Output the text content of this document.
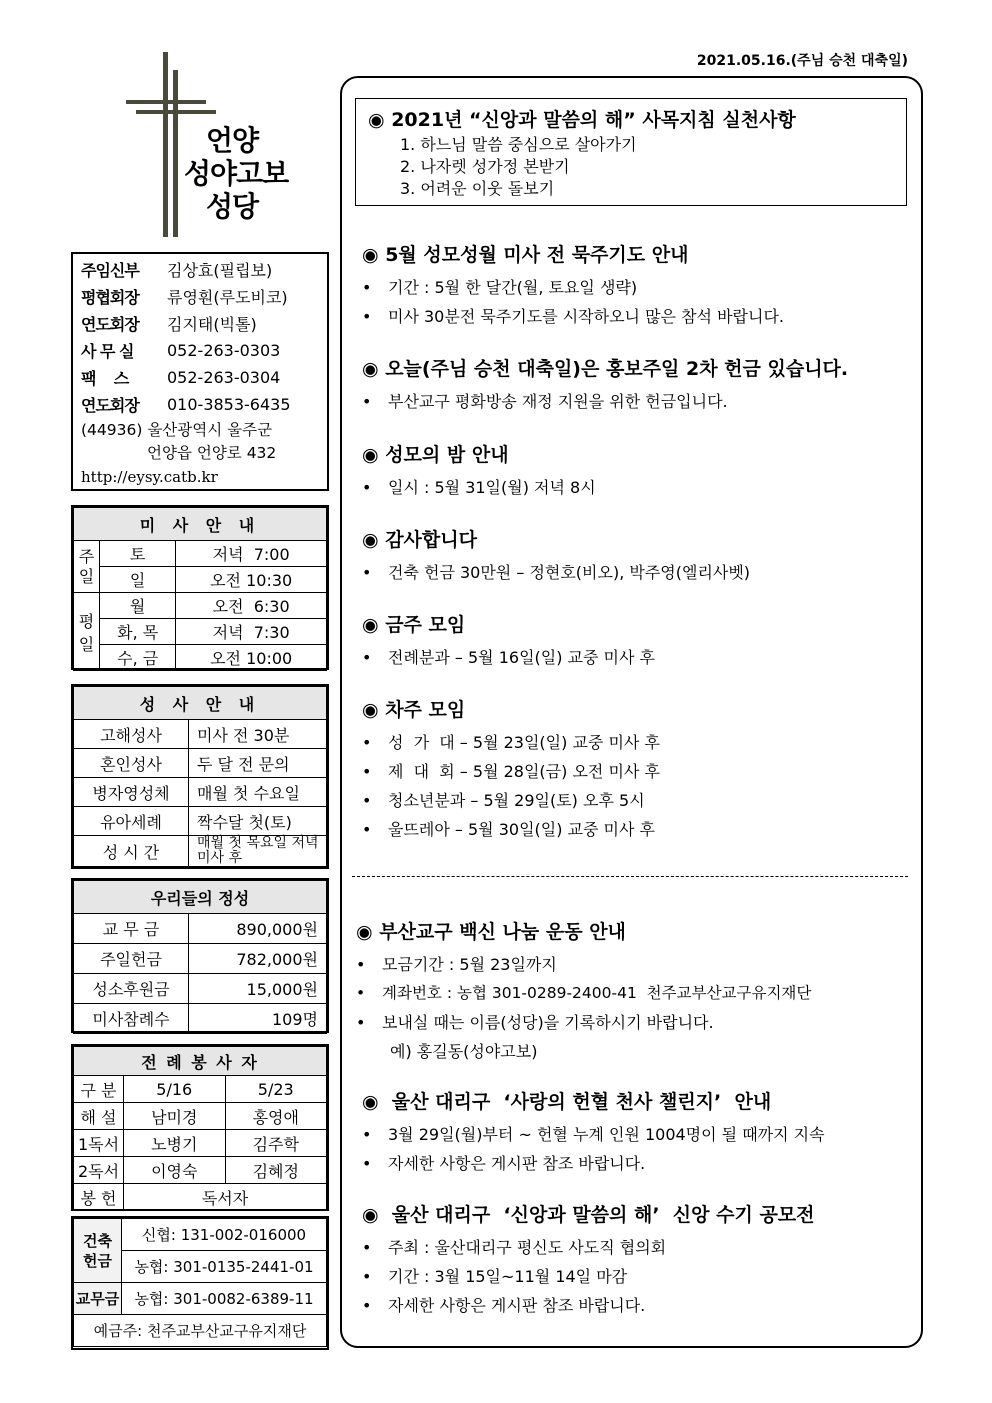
2021.05.16.(주님 승천 대축일)
언양
성야고보
성당
주임신부	김상효(필립보)
평협회장	류영훤(루도비코)
연도회장	김지태(빅톨)
사 무 실	052-263-0303
팩    스	052-263-0304
연도회장	010-3853-6435
(44936) 울산광역시 울주군
언양읍 언양로 432
http://eysy.catb.kr
미 사 안 내		
주일	토	저녁  7:00
	일	오전 10:30
평일	월	오전  6:30
	화, 목	저녁  7:30
	수, 금	오전 10:00
성 사 안 내	
고해성사	미사 전 30분
혼인성사	두 달 전 문의
병자영성체	매월 첫 수요일
유아세례	짝수달 첫(토)
성 시 간	매월 첫 목요일 저녁미사 후
우리들의 정성	
교 무 금	890,000원
주일헌금	782,000원
성소후원금	15,000원
미사참례수	109명
전 례 봉 사 자		
구 분	5/16	5/23
해 설	남미경	홍영애
1독서	노병기	김주학
2독서	이영숙	김혜정
봉 헌	독서자	
건축헌금	신협: 131-002-016000
	농협: 301-0135-2441-01
교무금	농협: 301-0082-6389-11
예금주: 천주교부산교구유지재단	
◉ 2021년 “신앙과 말씀의 해” 사목지침 실천사항
1. 하느님 말씀 중심으로 살아가기
2. 나자렛 성가정 본받기
3. 어려운 이웃 돌보기
◉ 5월 성모성월 미사 전 묵주기도 안내
• 기간 : 5월 한 달간(월, 토요일 생략)
• 미사 30분전 묵주기도를 시작하오니 많은 참석 바랍니다.
◉ 오늘(주님 승천 대축일)은 홍보주일 2차 헌금 있습니다.
• 부산교구 평화방송 재정 지원을 위한 헌금입니다.
◉ 성모의 밤 안내
• 일시 : 5월 31일(월) 저녁 8시
◉ 감사합니다
• 건축 헌금 30만원 – 정현호(비오), 박주영(엘리사벳)
◉ 금주 모임
• 전례분과 – 5월 16일(일) 교중 미사 후
◉ 차주 모임
• 성  가  대 – 5월 23일(일) 교중 미사 후
• 제  대  회 – 5월 28일(금) 오전 미사 후
• 청소년분과 – 5월 29일(토) 오후 5시
• 울뜨레아 – 5월 30일(일) 교중 미사 후
◉ 부산교구 백신 나눔 운동 안내
• 모금기간 : 5월 23일까지
• 계좌번호 : 농협 301-0289-2400-41  천주교부산교구유지재단
• 보내실 때는 이름(성당)을 기록하시기 바랍니다.
예) 홍길동(성야고보)
◉  울산 대리구  ‘사랑의 헌혈 천사 챌린지’  안내
• 3월 29일(월)부터 ~ 헌혈 누계 인원 1004명이 될 때까지 지속
• 자세한 사항은 게시판 참조 바랍니다.
◉  울산 대리구  ‘신앙과 말씀의 해’  신앙 수기 공모전
• 주최 : 울산대리구 평신도 사도직 협의회
• 기간 : 3월 15일~11월 14일 마감
• 자세한 사항은 게시판 참조 바랍니다.
